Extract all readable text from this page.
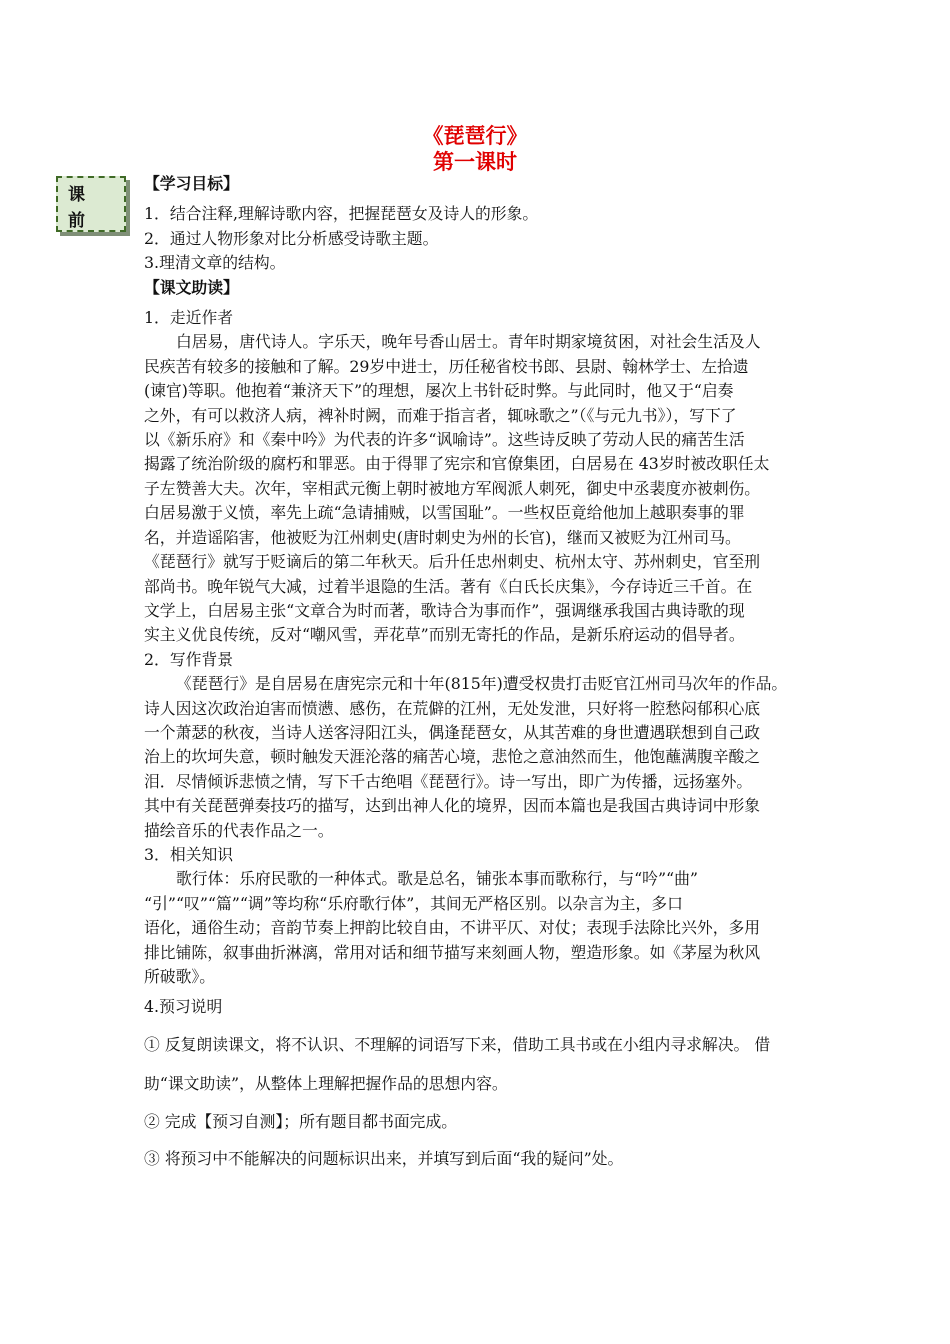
《琵琶行》
第一课时
课
前

【学习目标】

1．结合注释,理解诗歌内容，把握琵琶女及诗人的形象。

2．通过人物形象对比分析感受诗歌主题。

3.理清文章的结构。

【课文助读】

1．走近作者

白居易，唐代诗人。字乐天，晚年号香山居士。青年时期家境贫困，对社会生活及人

民疾苦有较多的接触和了解。29岁中进士，历任秘省校书郎、县尉、翰林学士、左拾遗

(谏官)等职。他抱着“兼济天下”的理想，屡次上书针砭时弊。与此同时，他又于“启奏

之外，有可以救济人病，裨补时阙，而难于指言者，辄咏歌之”（《与元九书》），写下了

以《新乐府》和《秦中吟》为代表的许多“讽喻诗”。这些诗反映了劳动人民的痛苦生活

揭露了统治阶级的腐朽和罪恶。由于得罪了宪宗和官僚集团，白居易在 43岁时被改职任太

子左赞善大夫。次年，宰相武元衡上朝时被地方军阀派人刺死，御史中丞裴度亦被刺伤。

白居易激于义愤，率先上疏“急请捕贼，以雪国耻”。一些权臣竟给他加上越职奏事的罪

名，并造谣陷害，他被贬为江州刺史(唐时刺史为州的长官)，继而又被贬为江州司马。

《琵琶行》就写于贬谪后的第二年秋天。后升任忠州刺史、杭州太守、苏州刺史，官至刑

部尚书。晚年锐气大减，过着半退隐的生活。著有《白氏长庆集》，今存诗近三千首。在

文学上，白居易主张“文章合为时而著，歌诗合为事而作”，强调继承我国古典诗歌的现

实主义优良传统，反对“嘲风雪，弄花草”而别无寄托的作品，是新乐府运动的倡导者。

2．写作背景

《琵琶行》是自居易在唐宪宗元和十年(815年)遭受权贵打击贬官江州司马次年的作品。

诗人因这次政治迫害而愤懑、感伤，在荒僻的江州，无处发泄，只好将一腔愁闷郁积心底

一个萧瑟的秋夜，当诗人送客浔阳江头，偶逢琵琶女，从其苦难的身世遭遇联想到自己政

治上的坎坷失意，顿时触发天涯沦落的痛苦心境，悲怆之意油然而生，他饱蘸满腹辛酸之

泪．尽情倾诉悲愤之情，写下千古绝唱《琵琶行》。诗一写出，即广为传播，远扬塞外。

其中有关琵琶弹奏技巧的描写，达到出神人化的境界，因而本篇也是我国古典诗词中形象

描绘音乐的代表作品之一。

3．相关知识

歌行体：乐府民歌的一种体式。歌是总名，铺张本事而歌称行，与“吟”“曲”

“引”“叹”“篇”“调”等均称“乐府歌行体”，其间无严格区别。以杂言为主，多口

语化，通俗生动；音韵节奏上押韵比较自由，不讲平仄、对仗；表现手法除比兴外，多用

排比铺陈，叙事曲折淋漓，常用对话和细节描写来刻画人物，塑造形象。如《茅屋为秋风

所破歌》。

4.预习说明

① 反复朗读课文，将不认识、不理解的词语写下来，借助工具书或在小组内寻求解决。 借

助“课文助读”，从整体上理解把握作品的思想内容。

② 完成【预习自测】；所有题目都书面完成。

③ 将预习中不能解决的问题标识出来，并填写到后面“我的疑问”处。
